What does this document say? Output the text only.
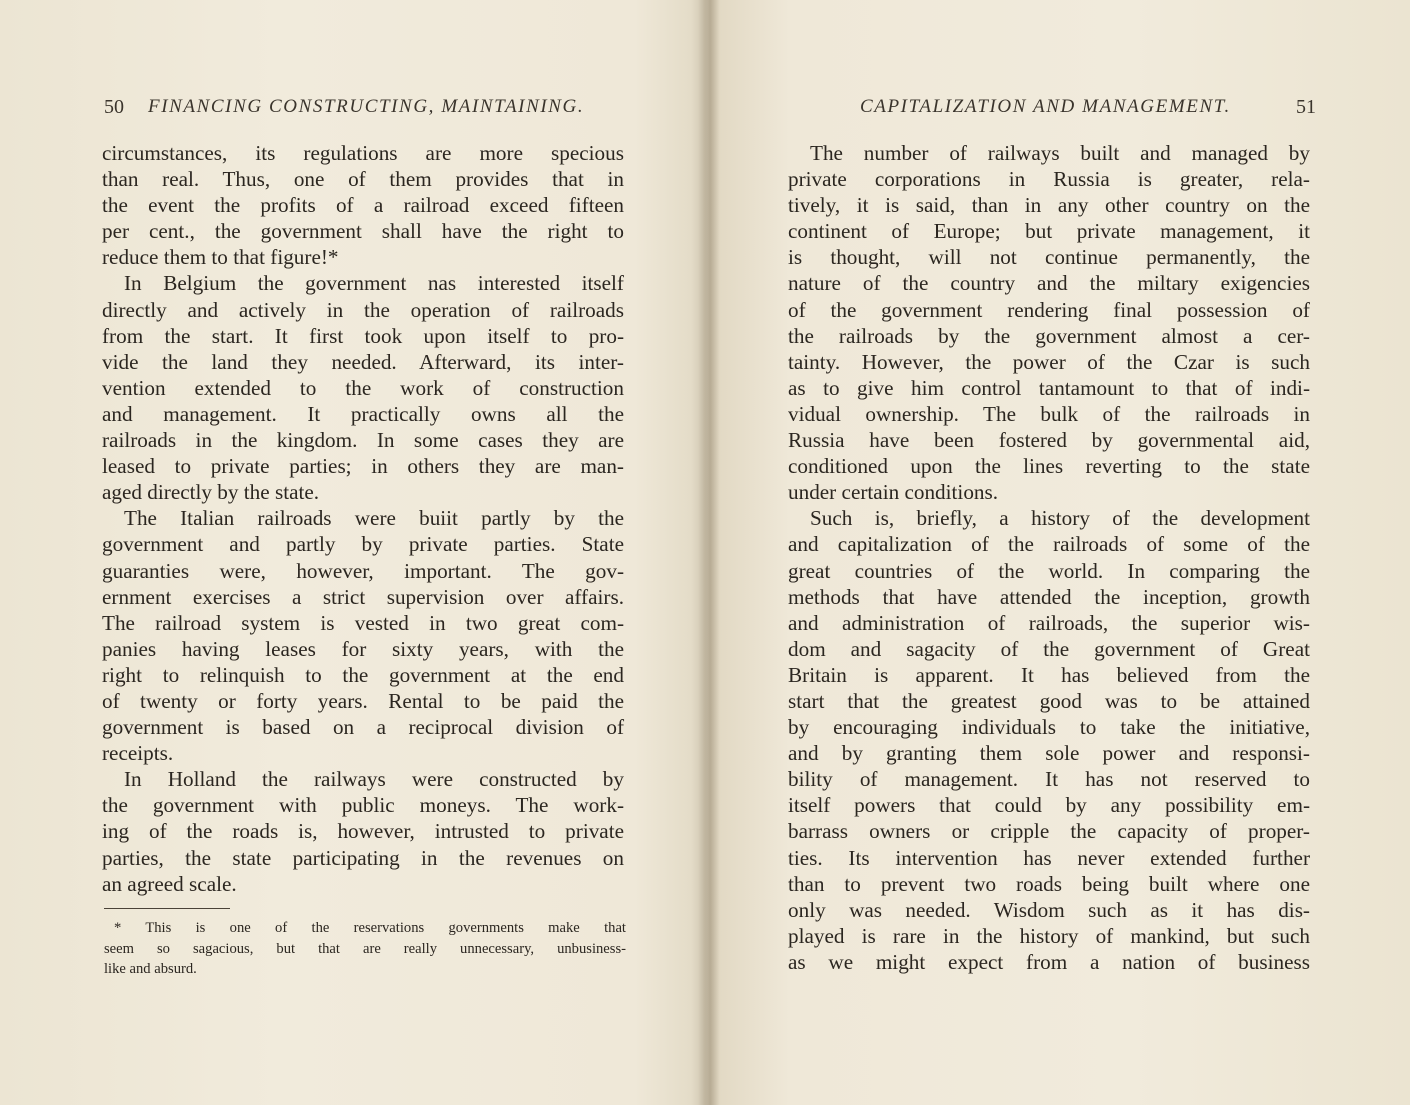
50 FINANCING CONSTRUCTING, MAINTAINING.
circumstances, its regulations are more specious
than real. Thus, one of them provides that in
the event the profits of a railroad exceed fifteen
per cent., the government shall have the right to
reduce them to that figure!*
In Belgium the government nas interested itself
directly and actively in the operation of railroads
from the start. It first took upon itself to pro-
vide the land they needed. Afterward, its inter-
vention extended to the work of construction
and management. It practically owns all the
railroads in the kingdom. In some cases they are
leased to private parties; in others they are man-
aged directly by the state.
The Italian railroads were buiit partly by the
government and partly by private parties. State
guaranties were, however, important. The gov-
ernment exercises a strict supervision over affairs.
The railroad system is vested in two great com-
panies having leases for sixty years, with the
right to relinquish to the government at the end
of twenty or forty years. Rental to be paid the
government is based on a reciprocal division of
receipts.
In Holland the railways were constructed by
the government with public moneys. The work-
ing of the roads is, however, intrusted to private
parties, the state participating in the revenues on
an agreed scale.
* This is one of the reservations governments make that
seem so sagacious, but that are really unnecessary, unbusiness-
like and absurd.
CAPITALIZATION AND MANAGEMENT.	51
The number of railways built and managed by
private corporations in Russia is greater, rela-
tively, it is said, than in any other country on the
continent of Europe; but private management, it
is thought, will not continue permanently, the
nature of the country and the miltary exigencies
of the government rendering final possession of
the railroads by the government almost a cer-
tainty. However, the power of the Czar is such
as to give him control tantamount to that of indi-
vidual ownership. The bulk of the railroads in
Russia have been fostered by governmental aid,
conditioned upon the lines reverting to the state
under certain conditions.
Such is, briefly, a history of the development
and capitalization of the railroads of some of the
great countries of the world. In comparing the
methods that have attended the inception, growth
and administration of railroads, the superior wis-
dom and sagacity of the government of Great
Britain is apparent. It has believed from the
start that the greatest good was to be attained
by encouraging individuals to take the initiative,
and by granting them sole power and responsi-
bility of management. It has not reserved to
itself powers that could by any possibility em-
barrass owners or cripple the capacity of proper-
ties. Its intervention has never extended further
than to prevent two roads being built where one
only was needed. Wisdom such as it has dis-
played is rare in the history of mankind, but such
as we might expect from a nation of business
